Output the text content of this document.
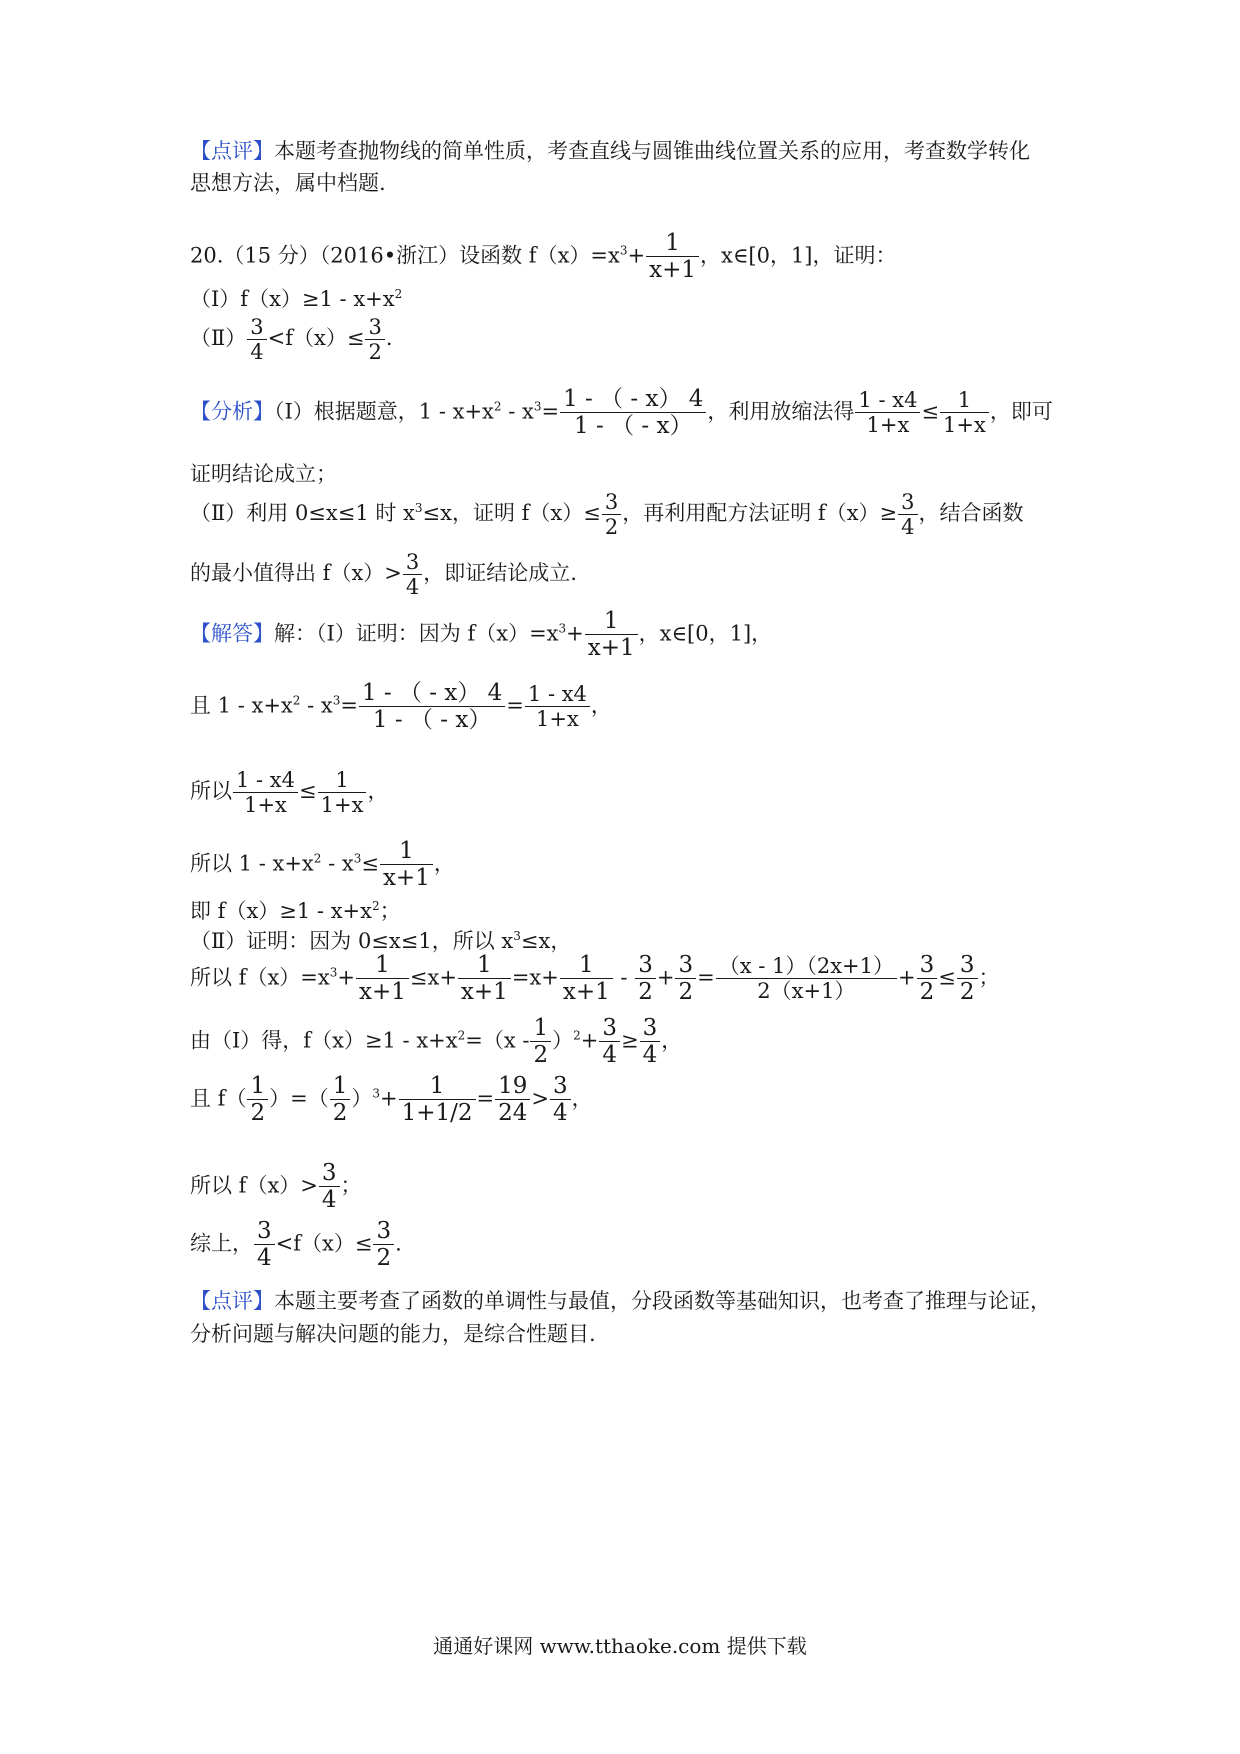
【点评】本题考查抛物线的简单性质，考查直线与圆锥曲线位置关系的应用，考查数学转化
思想方法，属中档题.
20.（15 分）（2016•浙江）设函数 $f(x)=x^3+ \frac{1}{x+1}$ ，x∈[0，1]，证明：
（Ⅰ）f（x）≥1 - $x+x^2$
（Ⅱ） $\frac{3}{4} <f(x)\le \frac{3}{2}$ .
【分析】（Ⅰ）根据题意，$1 - x+x^2 - x^3= \frac{1 - ( - x) 4}{1 - ( - x)}$ ，利用放缩法得 $\frac{1 - x4}{1+x} \le \frac{1}{1+x}$ ，即可
证明结论成立；
（Ⅱ）利用 0≤x≤1 时 $x^3\le x$，证明 $f(x)\le \frac{3}{2}$ ，再利用配方法证明 $f(x)\ge \frac{3}{4}$ ，结合函数
的最小值得出 $f(x)> \frac{3}{4}$ ，即证结论成立.
【解答】解：（Ⅰ）证明：因为 $f(x)=x^3+ \frac{1}{x+1}$ ，x∈[0，1]，
且 $1 - x+x^2 - x^3= \frac{1 - ( - x) 4}{1 - ( - x)} = \frac{1 - x4}{1+x}$ ，
所以 $\frac{1 - x4}{1+x} \le \frac{1}{1+x}$ ，
所以 $1 - x+x^2 - x^3\le \frac{1}{x+1}$ ，
即 $f(x)\ge 1 - x+x^2$；
（Ⅱ）证明：因为 0≤x≤1，所以 $x^3\le x$，
所以 $f(x)=x^3+ \frac{1}{x+1} \le x+ \frac{1}{x+1} =x+ \frac{1}{x+1} - \frac{3}{2} + \frac{3}{2} = \frac{(x - 1)(2x+1)}{2(x+1)} + \frac{3}{2} \le \frac{3}{2}$ ；
由（Ⅰ）得，$f(x)\ge 1 - x+x^2=(x - \frac{1}{2} )^2+ \frac{3}{4} \ge \frac{3}{4}$ ，
且 $f( \frac{1}{2}$ ）=（ $\frac{1}{2} )^3+ \frac{1}{1+1/2} = \frac{19}{24} > \frac{3}{4}$ ，
所以 $f(x)> \frac{3}{4}$ ；
综上， $\frac{3}{4} <f(x)\le \frac{3}{2}$ .
【点评】本题主要考查了函数的单调性与最值，分段函数等基础知识，也考查了推理与论证，
分析问题与解决问题的能力，是综合性题目.
通通好课网 www.tthaoke.com 提供下载
